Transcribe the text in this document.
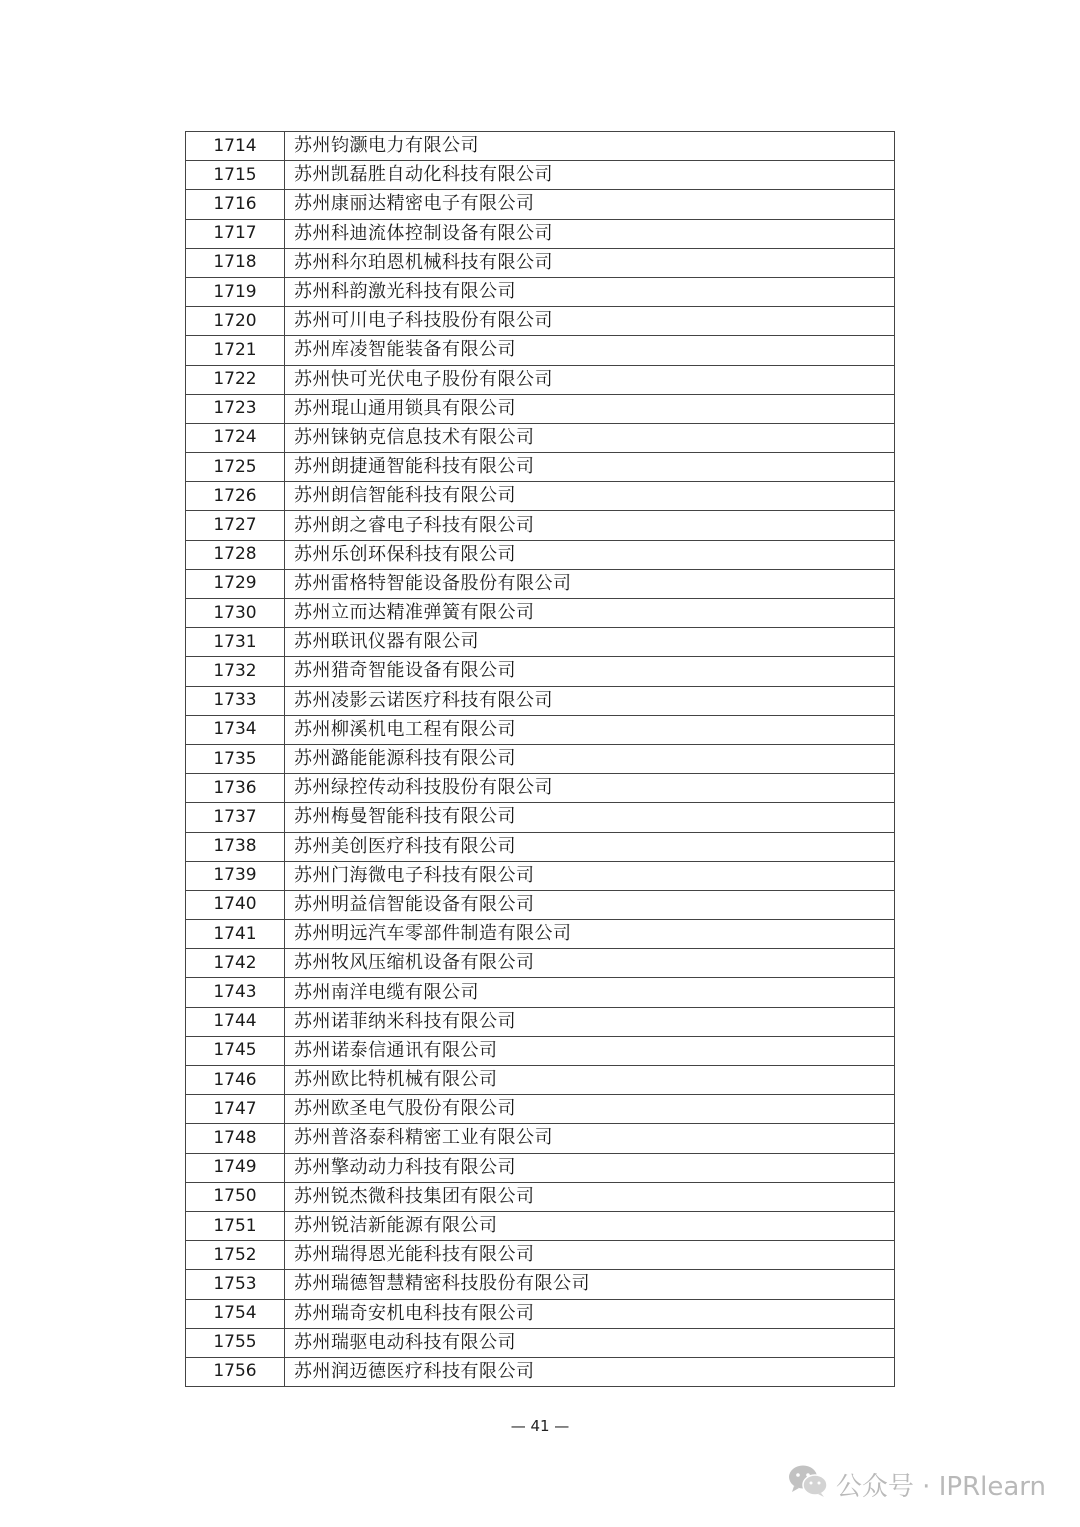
1714	苏州钧灏电力有限公司
1715	苏州凯磊胜自动化科技有限公司
1716	苏州康丽达精密电子有限公司
1717	苏州科迪流体控制设备有限公司
1718	苏州科尔珀恩机械科技有限公司
1719	苏州科韵激光科技有限公司
1720	苏州可川电子科技股份有限公司
1721	苏州库凌智能装备有限公司
1722	苏州快可光伏电子股份有限公司
1723	苏州琨山通用锁具有限公司
1724	苏州铼钠克信息技术有限公司
1725	苏州朗捷通智能科技有限公司
1726	苏州朗信智能科技有限公司
1727	苏州朗之睿电子科技有限公司
1728	苏州乐创环保科技有限公司
1729	苏州雷格特智能设备股份有限公司
1730	苏州立而达精准弹簧有限公司
1731	苏州联讯仪器有限公司
1732	苏州猎奇智能设备有限公司
1733	苏州凌影云诺医疗科技有限公司
1734	苏州柳溪机电工程有限公司
1735	苏州潞能能源科技有限公司
1736	苏州绿控传动科技股份有限公司
1737	苏州梅曼智能科技有限公司
1738	苏州美创医疗科技有限公司
1739	苏州门海微电子科技有限公司
1740	苏州明益信智能设备有限公司
1741	苏州明远汽车零部件制造有限公司
1742	苏州牧风压缩机设备有限公司
1743	苏州南洋电缆有限公司
1744	苏州诺菲纳米科技有限公司
1745	苏州诺泰信通讯有限公司
1746	苏州欧比特机械有限公司
1747	苏州欧圣电气股份有限公司
1748	苏州普洛泰科精密工业有限公司
1749	苏州擎动动力科技有限公司
1750	苏州锐杰微科技集团有限公司
1751	苏州锐洁新能源有限公司
1752	苏州瑞得恩光能科技有限公司
1753	苏州瑞德智慧精密科技股份有限公司
1754	苏州瑞奇安机电科技有限公司
1755	苏州瑞驱电动科技有限公司
1756	苏州润迈德医疗科技有限公司
— 41 —
公众号 · IPRlearn
